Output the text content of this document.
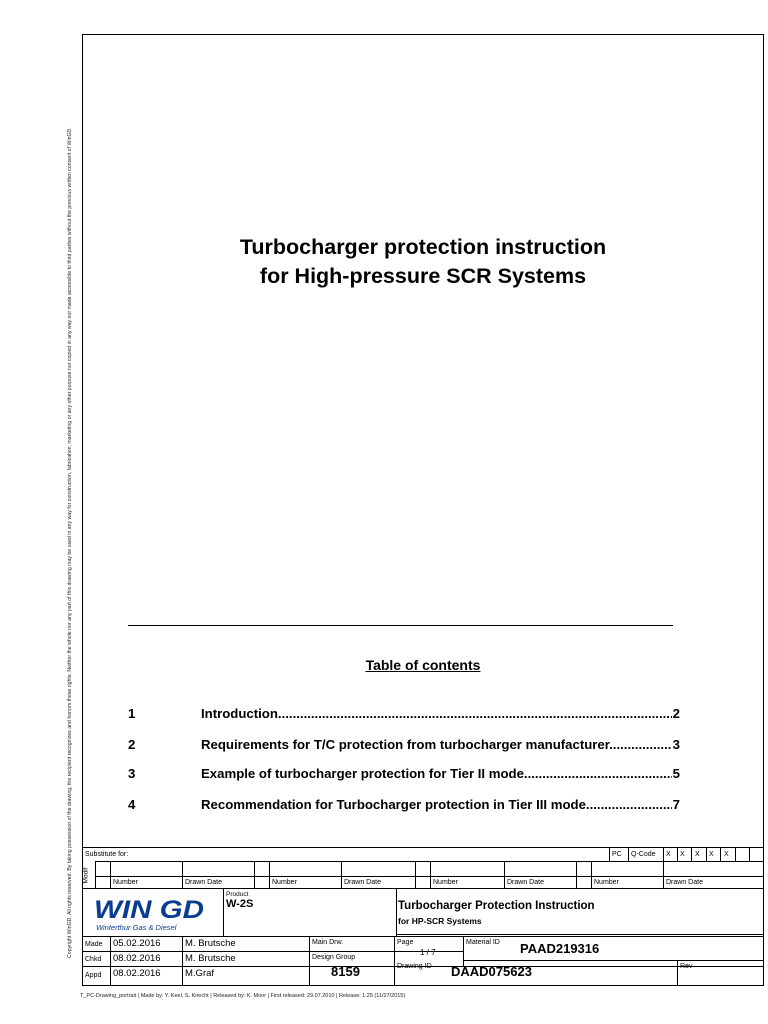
Copyright WinGD. All rights reserved. By taking possession of the drawing, the recipient recognizes and honors these rights. Neither the whole nor any part of this drawing may be used in any way for construction, fabrication, marketing or any other purpose nor copied in any way nor made accessible to third parties without the previous written consent of WinGD.	Turbocharger protection instruction
for High-pressure SCR Systems
Table of contents
1	Introduction .....	2
2	Requirements for T/C protection from turbocharger manufacturer .....	3
3	Example of turbocharger protection for Tier II mode .....	5
4	Recommendation for Turbocharger protection in Tier III mode .....	7
Substitute for:	PC Q-Code X X X X X
Modif	Number	Drawn Date	Number	Drawn Date	Number	Drawn Date	Number	Drawn Date
WIN GD
Winterthur Gas & Diesel
Product
W-2S	Turbocharger Protection Instruction
for HP-SCR Systems
Made 05.02.2016	M. Brutsche
Chkd 08.02.2016	M. Brutsche
Appd 08.02.2016	M.Graf
Main Drw.
Design Group
8159
Page
1 / 7
Material ID PAAD219316
Drawing ID DAAD075623	Rev
T_PC-Drawing_portrait | Made by: Y. Keel, S. Knecht | Released by: K. Moor | First released: 29.07.2010 | Release: 1.25 (11/27/2015)
